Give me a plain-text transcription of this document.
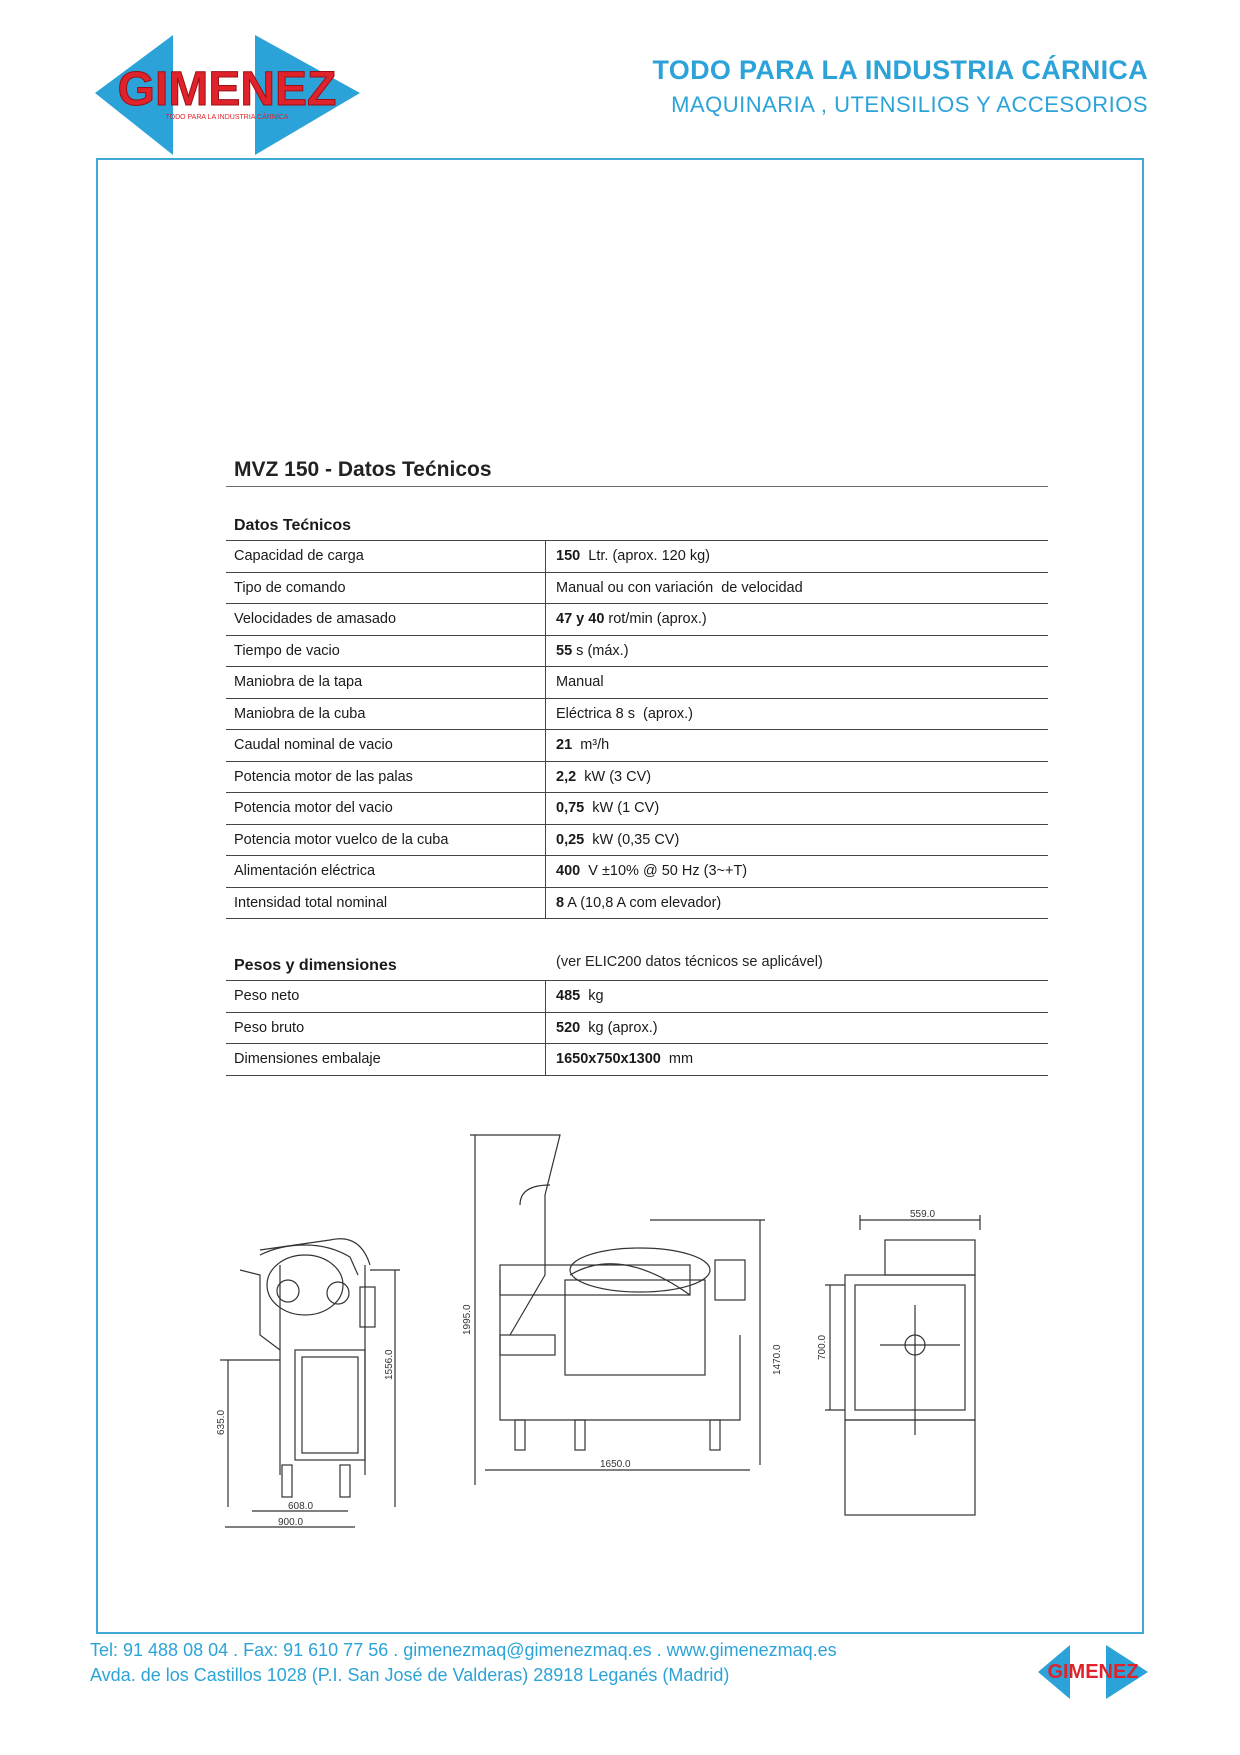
GIMENEZ
TODO PARA LA INDUSTRIA CÁRNICA
TODO PARA LA INDUSTRIA CÁRNICA
MAQUINARIA , UTENSILIOS Y ACCESORIOS
MVZ 150 - Datos Tećnicos
Datos Tećnicos
Capacidad de carga	150 Ltr. (aprox. 120 kg)
Tipo de comando	Manual ou con variación  de velocidad
Velocidades de amasado	47 y 40 rot/min (aprox.)
Tiempo de vacio	55 s (máx.)
Maniobra de la tapa	Manual
Maniobra de la cuba	Eléctrica 8 s  (aprox.)
Caudal nominal de vacio	21 m³/h
Potencia motor de las palas	2,2 kW (3 CV)
Potencia motor del vacio	0,75 kW (1 CV)
Potencia motor vuelco de la cuba	0,25 kW (0,35 CV)
Alimentación eléctrica	400 V ±10% @ 50 Hz (3~+T)
Intensidad total nominal	8 A (10,8 A com elevador)
Pesos y dimensiones	(ver ELIC200 datos técnicos se aplicável)
Peso neto	485 kg
Peso bruto	520 kg (aprox.)
Dimensiones embalaje	1650x750x1300 mm
635.0
1556.0
608.0
900.0
1995.0
1470.0
1650.0
559.0
700.0
Tel: 91 488 08 04 . Fax: 91 610 77 56 . gimenezmaq@gimenezmaq.es . www.gimenezmaq.es
Avda. de los Castillos 1028 (P.I. San José de Valderas) 28918 Leganés (Madrid)	GIMENEZ
